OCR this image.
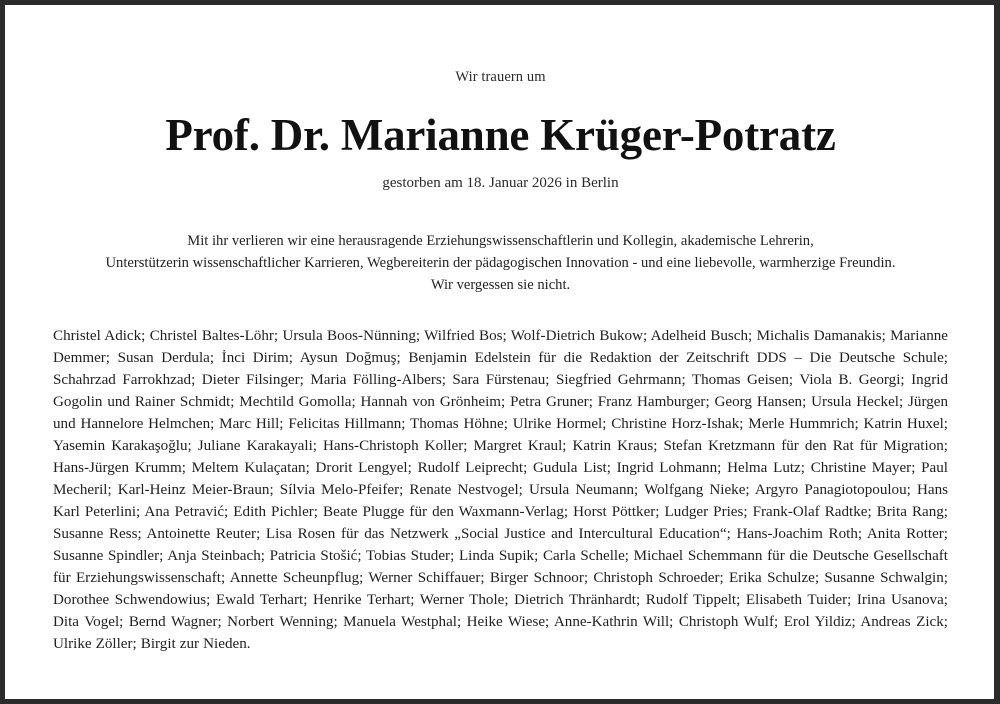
Wir trauern um
Prof. Dr. Marianne Krüger-Potratz
gestorben am 18. Januar 2026 in Berlin

Mit ihr verlieren wir eine herausragende Erziehungswissenschaftlerin und Kollegin, akademische Lehrerin,

Unterstützerin wissenschaftlicher Karrieren, Wegbereiterin der pädagogischen Innovation - und eine liebevolle, warmherzige Freundin.

Wir vergessen sie nicht.

Christel Adick; Christel Baltes-Löhr; Ursula Boos-Nünning; Wilfried Bos; Wolf-Dietrich Bukow; Adelheid Busch; Michalis Damanakis; Marianne Demmer; Susan Derdula; İnci Dirim; Aysun Doğmuş; Benjamin Edelstein für die Redaktion der Zeitschrift DDS – Die Deutsche Schule; Schahrzad Farrokhzad; Dieter Filsinger; Maria Fölling-Albers; Sara Fürstenau; Siegfried Gehrmann; Thomas Geisen; Viola B. Georgi; Ingrid Gogolin und Rainer Schmidt; Mechtild Gomolla; Hannah von Grönheim; Petra Gruner; Franz Hamburger; Georg Hansen; Ursula Heckel; Jürgen und Hannelore Helmchen; Marc Hill; Felicitas Hillmann; Thomas Höhne; Ulrike Hormel; Christine Horz-Ishak; Merle Hummrich; Katrin Huxel; Yasemin Karakaşoğlu; Juliane Karakayali; Hans-Christoph Koller; Margret Kraul; Katrin Kraus; Stefan Kretzmann für den Rat für Migration; Hans-Jürgen Krumm; Meltem Kulaçatan; Drorit Lengyel; Rudolf Leiprecht; Gudula List; Ingrid Lohmann; Helma Lutz; Christine Mayer; Paul Mecheril; Karl-Heinz Meier-Braun; Sílvia Melo-Pfeifer; Renate Nestvogel; Ursula Neumann; Wolfgang Nieke; Argyro Panagiotopoulou; Hans Karl Peterlini; Ana Petravić; Edith Pichler; Beate Plugge für den Waxmann-Verlag; Horst Pöttker; Ludger Pries; Frank-Olaf Radtke; Brita Rang; Susanne Ress; Antoinette Reuter; Lisa Rosen für das Netzwerk „Social Justice and Intercultural Education“; Hans-Joachim Roth; Anita Rotter; Susanne Spindler; Anja Steinbach; Patricia Stošić; Tobias Studer; Linda Supik; Carla Schelle; Michael Schemmann für die Deutsche Gesellschaft für Erziehungswissenschaft; Annette Scheunpflug; Werner Schiffauer; Birger Schnoor; Christoph Schroeder; Erika Schulze; Susanne Schwalgin; Dorothee Schwendowius; Ewald Terhart; Henrike Terhart; Werner Thole; Dietrich Thränhardt; Rudolf Tippelt; Elisabeth Tuider; Irina Usanova; Dita Vogel; Bernd Wagner; Norbert Wenning; Manuela Westphal; Heike Wiese; Anne-Kathrin Will; Christoph Wulf; Erol Yildiz; Andreas Zick; Ulrike Zöller; Birgit zur Nieden.
